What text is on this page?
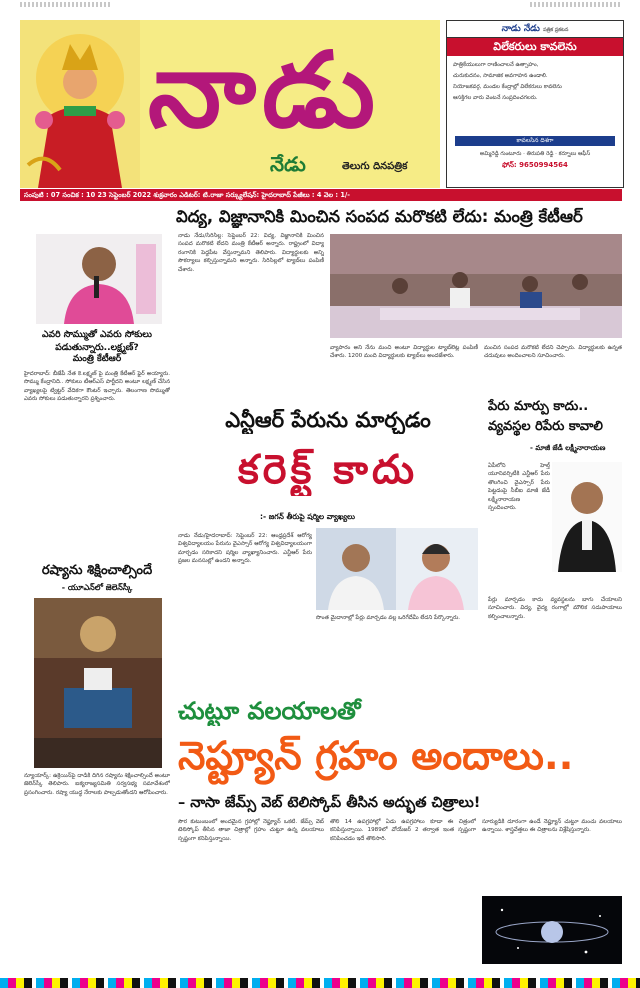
నాడు
నేడు	తెలుగు దినపత్రిక
నాడు నేడు పత్రిక ప్రకటన
విలేకరులు కావలెను
పాత్రికేయులుగా రాణించాలనే ఉత్సాహం,
చురుకుదనం, సామాజిక అవగాహన ఉండాలి.
నియోజకవర్గ, మండల కేంద్రాల్లో విలేకరులు కావలెను
ఆసక్తిగల వారు వెంటనే సంప్రదించగలరు.
కావలసిన దిశగా
అమ్మిరెడ్డి గుంటూరు · తిరుపతి రెడ్డి · కర్నూలు ఆఫీస్
ఫోన్: 9650994564
సంపుటి : 07 సంచిక : 10 23 సెప్టెంబర్ 2022 శుక్రవారం ఎడిటర్: టి.రాజా సర్క్యులేషన్: హైదరాబాద్ పేజీలు : 4 వెల : 1/-
విద్య, విజ్ఞానానికి మించిన సంపద మరొకటి లేదు: మంత్రి కేటీఆర్
నాడు నేడు/సిరిసిల్ల: సెప్టెంబర్ 22: విద్య, విజ్ఞానానికి మించిన సంపద మరొకటి లేదని మంత్రి కేటీఆర్ అన్నారు. రాష్ట్రంలో విద్యా రంగానికి పెద్దపీట వేస్తున్నామని తెలిపారు. విద్యార్థులకు అన్ని సౌకర్యాలు కల్పిస్తున్నామని అన్నారు. సిరిసిల్లలో ట్యాబ్‌లు పంపిణీ చేశారు.
వ్యాపారం అని నేను మంచి అంటూ విద్యార్థుల ట్యాబ్‌లెట్ల పంపిణీ చేశారు. 1200 మంది విద్యార్థులకు ట్యాబ్‌లు అందజేశారు.
మంచిన సంపద మరొకటి లేదని చెప్పారు. విద్యార్థులకు ఉన్నత చదువులు అందించాలని సూచించారు.
ఎవరి సొమ్ముతో ఎవరు సోకులు పడుతున్నారు..లక్ష్మణ్?
మంత్రి కేటీఆర్
హైదరాబాద్: బీజేపీ నేత కె.లక్ష్మణ్ పై మంత్రి కేటీఆర్ ఫైర్ అయ్యారు. సొమ్ము కేంద్రానిది.. సోకులు టీఆర్ఎస్ పార్టీదని అంటూ లక్ష్మణ్ చేసిన వ్యాఖ్యలపై ట్విట్టర్ వేదికగా కౌంటర్ ఇచ్చారు. తెలంగాణ సొమ్ముతో ఎవరు సోకులు పడుతున్నారని ప్రశ్నించారు.
రష్యాను శిక్షించాల్సిందే
- యూఎన్‌లో జెలెన్‌స్కీ
న్యూయార్క్: ఉక్రెయిన్‌పై దాడికి దిగిన రష్యాను శిక్షించాల్సిందే అంటూ జెలెన్‌స్కీ తెలిపారు. ఐక్యరాజ్యసమితి సర్వసభ్య సమావేశంలో ప్రసంగించారు. రష్యా యుద్ధ నేరాలకు పాల్పడుతోందని ఆరోపించారు.
ఎన్టీఆర్ పేరును మార్చడం
కరెక్ట్ కాదు
:- జగన్ తీరుపై షర్మిల వ్యాఖ్యలు
నాడు నేడు/హైదరాబాద్: సెప్టెంబర్ 22: ఆంధ్రప్రదేశ్ ఆరోగ్య విశ్వవిద్యాలయం పేరును వైఎస్సార్ ఆరోగ్య విశ్వవిద్యాలయంగా మార్చడం సరికాదని షర్మిల వ్యాఖ్యానించారు. ఎన్టీఆర్ పేరు ప్రజల మనసుల్లో ఉందని అన్నారు.
సొంత మైదానాల్లో పేర్లు మార్చడం వల్ల ఒరిగేదేమీ లేదని పేర్కొన్నారు.
పేరు మార్పు కాదు..
వ్యవస్థల రిపేరు కావాలి
- మాజీ జేడీ లక్ష్మీనారాయణ
ఏపీలోని హెల్త్ యూనివర్సిటీకి ఎన్టీఆర్ పేరు తొలగించి వైఎస్సార్ పేరు పెట్టడంపై సీబీఐ మాజీ జేడీ లక్ష్మీనారాయణ స్పందించారు.
పేర్లు మార్చడం కాదు వ్యవస్థలను బాగు చేయాలని సూచించారు. విద్య, వైద్య రంగాల్లో మౌలిక సదుపాయాలు కల్పించాలన్నారు.
చుట్టూ వలయాలతో
నెప్ట్యూన్ గ్రహం అందాలు..
– నాసా జేమ్స్ వెబ్ టెలిస్కోప్ తీసిన అద్భుత చిత్రాలు!
సౌర కుటుంబంలో అందమైన గ్రహాల్లో నెప్ట్యూన్ ఒకటి. జేమ్స్ వెబ్ టెలిస్కోప్ తీసిన తాజా చిత్రాల్లో గ్రహం చుట్టూ ఉన్న వలయాలు స్పష్టంగా కనిపిస్తున్నాయి.
తొలి 14 ఉపగ్రహాల్లో ఏడు ఉపగ్రహాలు కూడా ఈ చిత్రంలో కనిపిస్తున్నాయి. 1989లో వోయేజర్ 2 తర్వాత ఇంత స్పష్టంగా కనిపించడం ఇదే తొలిసారి.
సూర్యుడికి దూరంగా ఉండే నెప్ట్యూన్ చుట్టూ మంచు వలయాలు ఉన్నాయి. శాస్త్రవేత్తలు ఈ చిత్రాలను విశ్లేషిస్తున్నారు.
